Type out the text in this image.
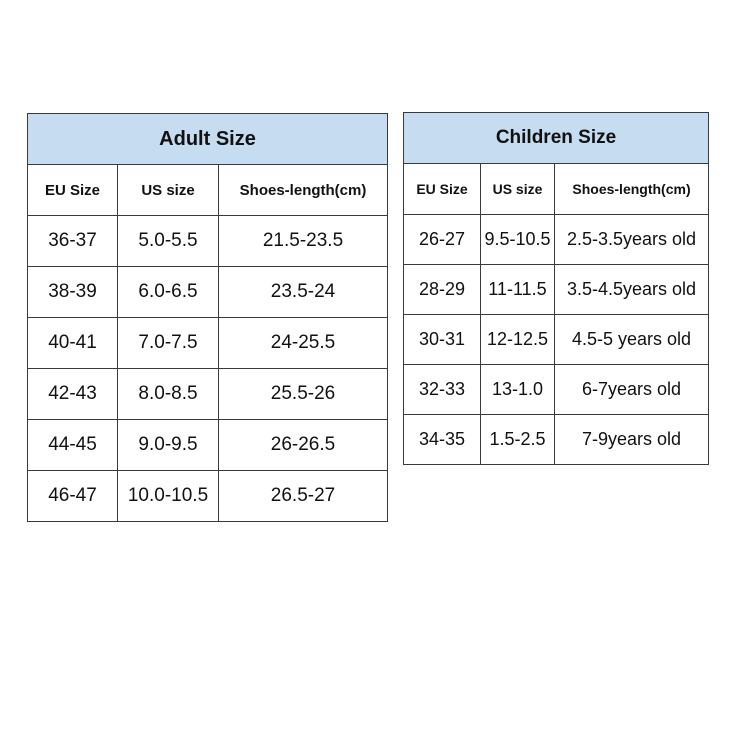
Adult Size		
EU Size	US size	Shoes-length(cm)
36-37	5.0-5.5	21.5-23.5
38-39	6.0-6.5	23.5-24
40-41	7.0-7.5	24-25.5
42-43	8.0-8.5	25.5-26
44-45	9.0-9.5	26-26.5
46-47	10.0-10.5	26.5-27
Children Size		
EU Size	US size	Shoes-length(cm)
26-27	9.5-10.5	2.5-3.5years old
28-29	11-11.5	3.5-4.5years old
30-31	12-12.5	4.5-5 years old
32-33	13-1.0	6-7years old
34-35	1.5-2.5	7-9years old
